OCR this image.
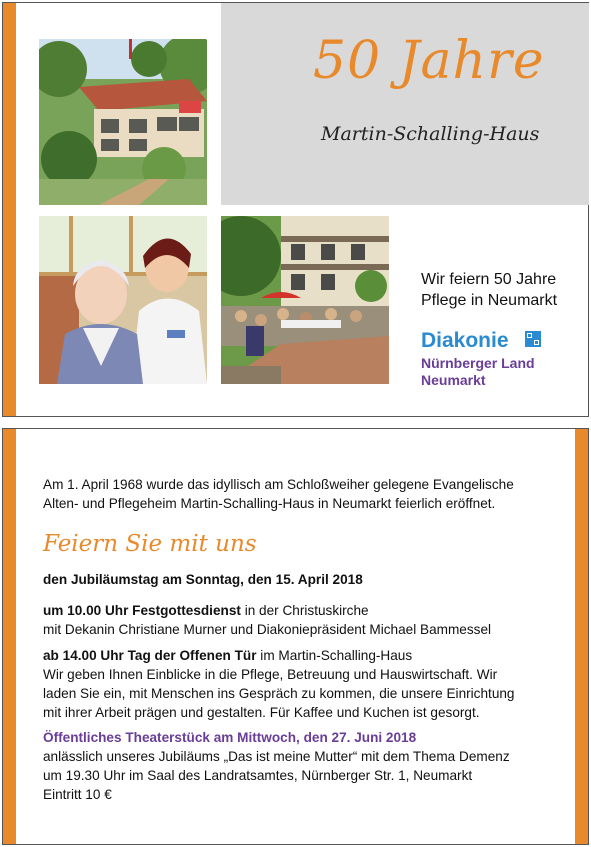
50 Jahre
Martin-Schalling-Haus
Wir feiern 50 Jahre
Pflege in Neumarkt
Diakonie
Nürnberger Land
Neumarkt
Am 1. April 1968 wurde das idyllisch am Schloßweiher gelegene Evangelische
Alten- und Pflegeheim Martin-Schalling-Haus in Neumarkt feierlich eröffnet.
Feiern Sie mit uns
den Jubiläumstag am Sonntag, den 15. April 2018
um 10.00 Uhr Festgottesdienst in der Christuskirche
mit Dekanin Christiane Murner und Diakoniepräsident Michael Bammessel
ab 14.00 Uhr Tag der Offenen Tür im Martin-Schalling-Haus
Wir geben Ihnen Einblicke in die Pflege, Betreuung und Hauswirtschaft. Wir
laden Sie ein, mit Menschen ins Gespräch zu kommen, die unsere Einrichtung
mit ihrer Arbeit prägen und gestalten. Für Kaffee und Kuchen ist gesorgt.
Öffentliches Theaterstück am Mittwoch, den 27. Juni 2018
anlässlich unseres Jubiläums „Das ist meine Mutter“ mit dem Thema Demenz
um 19.30 Uhr im Saal des Landratsamtes, Nürnberger Str. 1, Neumarkt
Eintritt 10 €
